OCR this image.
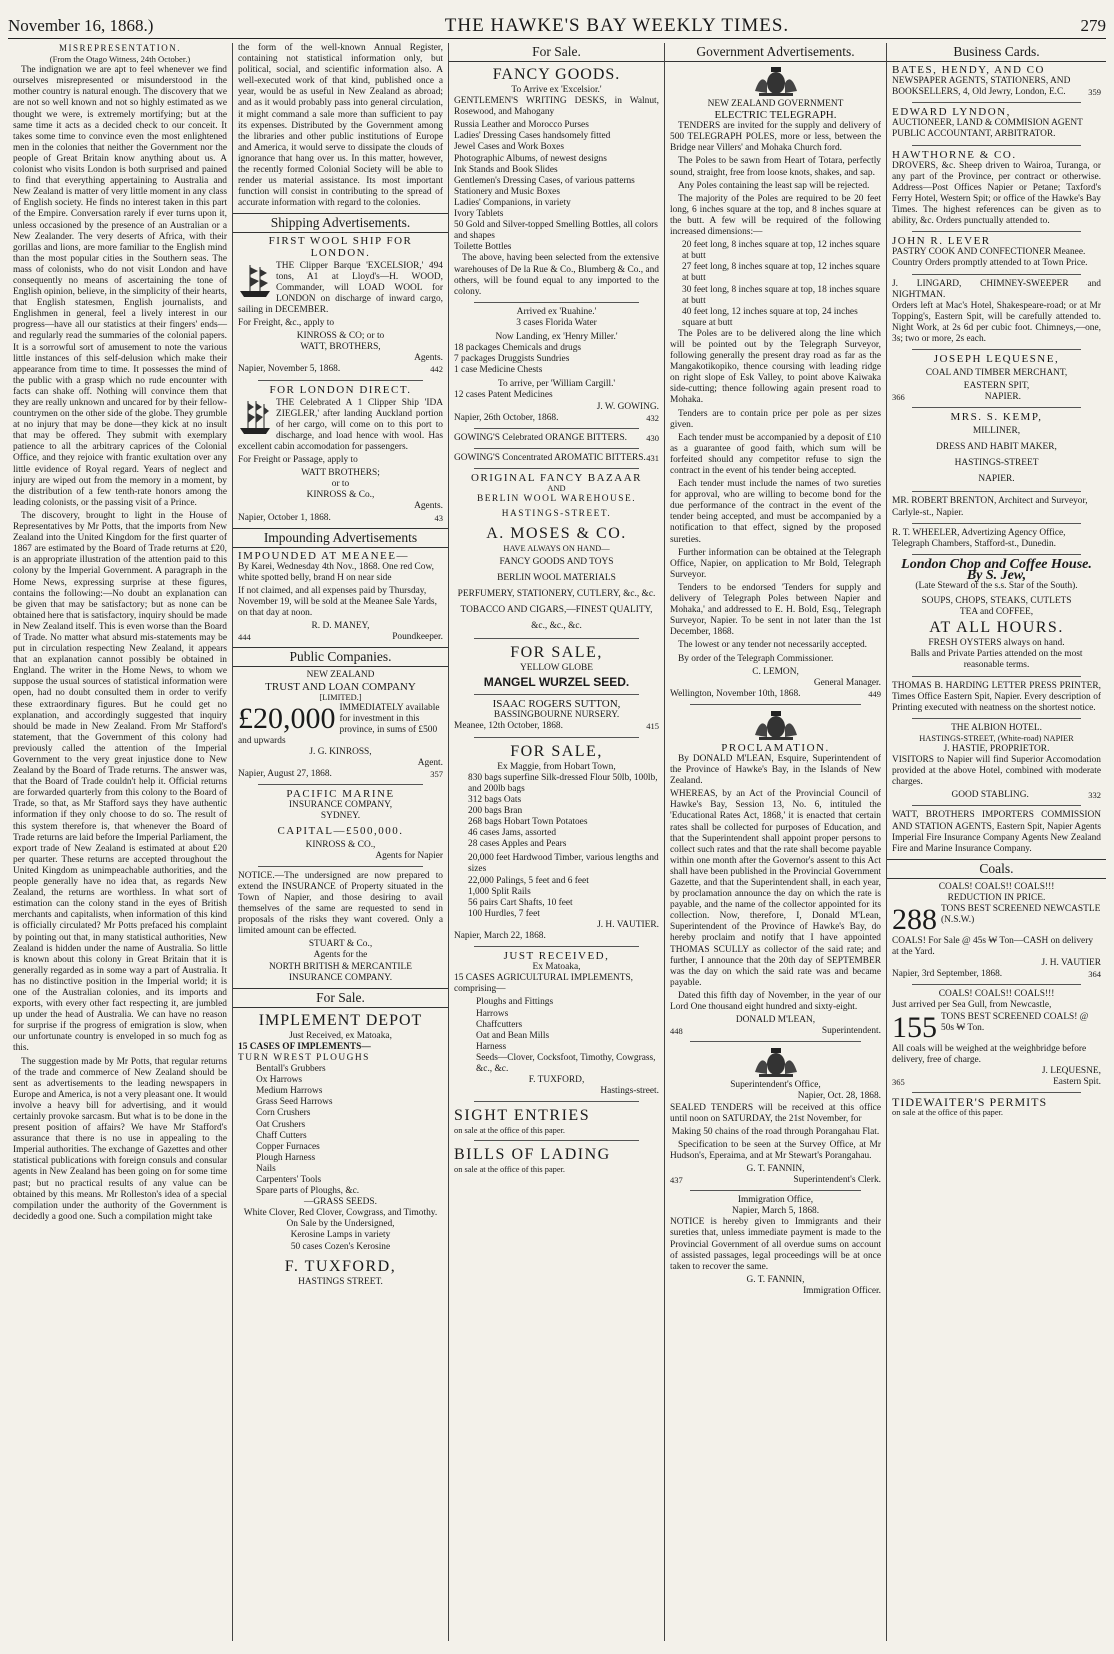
November 16, 1868.)	THE HAWKE'S BAY WEEKLY TIMES.	279
MISREPRESENTATION.
(From the Otago Witness, 24th October.)

The indignation we are apt to feel whenever we find ourselves misrepresented or misunderstood in the mother country is natural enough. The discovery that we are not so well known and not so highly estimated as we thought we were, is extremely mortifying; but at the same time it acts as a decided check to our conceit. It takes some time to convince even the most enlightened men in the colonies that neither the Government nor the people of Great Britain know anything about us. A colonist who visits London is both surprised and pained to find that everything appertaining to Australia and New Zealand is matter of very little moment in any class of English society. He finds no interest taken in this part of the Empire. Conversation rarely if ever turns upon it, unless occasioned by the presence of an Australian or a New Zealander. The very deserts of Africa, with their gorillas and lions, are more familiar to the English mind than the most popular cities in the Southern seas. The mass of colonists, who do not visit London and have consequently no means of ascertaining the tone of English opinion, believe, in the simplicity of their hearts, that English statesmen, English journalists, and Englishmen in general, feel a lively interest in our progress—have all our statistics at their fingers' ends—and regularly read the summaries of the colonial papers. It is a sorrowful sort of amusement to note the various little instances of this self-delusion which make their appearance from time to time. It possesses the mind of the public with a grasp which no rude encounter with facts can shake off. Nothing will convince them that they are really unknown and uncared for by their fellow-countrymen on the other side of the globe. They grumble at no injury that may be done—they kick at no insult that may be offered. They submit with exemplary patience to all the arbitrary caprices of the Colonial Office, and they rejoice with frantic exultation over any little evidence of Royal regard. Years of neglect and injury are wiped out from the memory in a moment, by the distribution of a few tenth-rate honors among the leading colonists, or the passing visit of a Prince.

The discovery, brought to light in the House of Representatives by Mr Potts, that the imports from New Zealand into the United Kingdom for the first quarter of 1867 are estimated by the Board of Trade returns at £20, is an appropriate illustration of the attention paid to this colony by the Imperial Government. A paragraph in the Home News, expressing surprise at these figures, contains the following:—No doubt an explanation can be given that may be satisfactory; but as none can be obtained here that is satisfactory, inquiry should be made in New Zealand itself. This is even worse than the Board of Trade. No matter what absurd mis-statements may be put in circulation respecting New Zealand, it appears that an explanation cannot possibly be obtained in England. The writer in the Home News, to whom we suppose the usual sources of statistical information were open, had no doubt consulted them in order to verify these extraordinary figures. But he could get no explanation, and accordingly suggested that inquiry should be made in New Zealand. From Mr Stafford's statement, that the Government of this colony had previously called the attention of the Imperial Government to the very great injustice done to New Zealand by the Board of Trade returns. The answer was, that the Board of Trade couldn't help it. Official returns are forwarded quarterly from this colony to the Board of Trade, so that, as Mr Stafford says they have authentic information if they only choose to do so. The result of this system therefore is, that whenever the Board of Trade returns are laid before the Imperial Parliament, the export trade of New Zealand is estimated at about £20 per quarter. These returns are accepted throughout the United Kingdom as unimpeachable authorities, and the people generally have no idea that, as regards New Zealand, the returns are worthless. In what sort of estimation can the colony stand in the eyes of British merchants and capitalists, when information of this kind is officially circulated? Mr Potts prefaced his complaint by pointing out that, in many statistical authorities, New Zealand is hidden under the name of Australia. So little is known about this colony in Great Britain that it is generally regarded as in some way a part of Australia. It has no distinctive position in the Imperial world; it is one of the Australian colonies, and its imports and exports, with every other fact respecting it, are jumbled up under the head of Australia. We can have no reason for surprise if the progress of emigration is slow, when our unfortunate country is enveloped in so much fog as this.

The suggestion made by Mr Potts, that regular returns of the trade and commerce of New Zealand should be sent as advertisements to the leading newspapers in Europe and America, is not a very pleasant one. It would involve a heavy bill for advertising, and it would certainly provoke sarcasm. But what is to be done in the present position of affairs? We have Mr Stafford's assurance that there is no use in appealing to the Imperial authorities. The exchange of Gazettes and other statistical publications with foreign consuls and consular agents in New Zealand has been going on for some time past; but no practical results of any value can be obtained by this means. Mr Rolleston's idea of a special compilation under the authority of the Government is decidedly a good one. Such a compilation might take

the form of the well-known Annual Register, containing not statistical information only, but political, social, and scientific information also. A well-executed work of that kind, published once a year, would be as useful in New Zealand as abroad; and as it would probably pass into general circulation, it might command a sale more than sufficient to pay its expenses. Distributed by the Government among the libraries and other public institutions of Europe and America, it would serve to dissipate the clouds of ignorance that hang over us. In this matter, however, the recently formed Colonial Society will be able to render us material assistance. Its most important function will consist in contributing to the spread of accurate information with regard to the colonies.

Shipping Advertisements.
FIRST WOOL SHIP FOR LONDON.

THE Clipper Barque 'EXCELSIOR,' 494 tons, A1 at Lloyd's—H. WOOD, Commander, will LOAD WOOL for LONDON on discharge of inward cargo, sailing in DECEMBER.

For Freight, &c., apply to

KINROSS & CO; or to
WATT, BROTHERS,
Agents.
Napier, November 5, 1868.	442
FOR LONDON DIRECT.

THE Celebrated A 1 Clipper Ship 'IDA ZIEGLER,' after landing Auckland portion of her cargo, will come on to this port to discharge, and load hence with wool. Has excellent cabin accomodation for passengers.

For Freight or Passage, apply to

WATT BROTHERS;
or to
KINROSS & Co.,
Agents.
Napier, October 1, 1868.	43
Impounding Advertisements
IMPOUNDED AT MEANEE—

By Karei, Wednesday 4th Nov., 1868. One red Cow, white spotted belly, brand H on near side

If not claimed, and all expenses paid by Thursday, November 19, will be sold at the Meanee Sale Yards, on that day at noon.

R. D. MANEY,
444	Poundkeeper.
Public Companies.
NEW ZEALAND
TRUST AND LOAN COMPANY
[LIMITED.]
£20,000 IMMEDIATELY available for investment in this province, in sums of £500 and upwards
J. G. KINROSS,
Agent.
Napier, August 27, 1868.	357
PACIFIC MARINE
INSURANCE COMPANY,
SYDNEY.
CAPITAL—£500,000.
KINROSS & CO.,
Agents for Napier

NOTICE.—The undersigned are now prepared to extend the INSURANCE of Property situated in the Town of Napier, and those desiring to avail themselves of the same are requested to send in proposals of the risks they want covered. Only a limited amount can be effected.

STUART & Co.,
Agents for the
NORTH BRITISH & MERCANTILE
INSURANCE COMPANY.
For Sale.
IMPLEMENT DEPOT
Just Received, ex Matoaka,
15 CASES OF IMPLEMENTS—
TURN WREST PLOUGHS
Bentall's Grubbers
Ox Harrows
Medium Harrows
Grass Seed Harrows
Corn Crushers
Oat Crushers
Chaff Cutters
Copper Furnaces
Plough Harness
Nails
Carpenters' Tools
Spare parts of Ploughs, &c.
—GRASS SEEDS.
White Clover, Red Clover, Cowgrass, and Timothy.
On Sale by the Undersigned,
Kerosine Lamps in variety
50 cases Cozen's Kerosine
F. TUXFORD,
HASTINGS STREET.
For Sale.
FANCY GOODS.
To Arrive ex 'Excelsior.'

GENTLEMEN'S WRITING DESKS, in Walnut, Rosewood, and Mahogany

Russia Leather and Morocco Purses
Ladies' Dressing Cases handsomely fitted
Jewel Cases and Work Boxes
Photographic Albums, of newest designs
Ink Stands and Book Slides
Gentlemen's Dressing Cases, of various patterns
Stationery and Music Boxes
Ladies' Companions, in variety
Ivory Tablets
50 Gold and Silver-topped Smelling Bottles, all colors and shapes
Toilette Bottles

The above, having been selected from the extensive warehouses of De la Rue & Co., Blumberg & Co., and others, will be found equal to any imported to the colony.

Arrived ex 'Ruahine.'
3 cases Florida Water
Now Landing, ex 'Henry Miller.'
18 packages Chemicals and drugs
7 packages Druggists Sundries
1 case Medicine Chests
To arrive, per 'William Cargill.'
12 cases Patent Medicines
J. W. GOWING.
Napier, 26th October, 1868.	432
GOWING'S Celebrated ORANGE BITTERS. 430
GOWING'S Concentrated AROMATIC BITTERS. 431
ORIGINAL FANCY BAZAAR
AND
BERLIN WOOL WAREHOUSE.
HASTINGS-STREET.
A. MOSES & CO.
HAVE ALWAYS ON HAND—
FANCY GOODS AND TOYS
BERLIN WOOL MATERIALS
PERFUMERY, STATIONERY, CUTLERY, &c., &c.
TOBACCO AND CIGARS,—FINEST QUALITY,
&c., &c., &c.
FOR SALE,
YELLOW GLOBE
MANGEL WURZEL SEED.
ISAAC ROGERS SUTTON,
BASSINGBOURNE NURSERY.
Meanee, 12th October, 1868.	415
FOR SALE,
Ex Maggie, from Hobart Town,
830 bags superfine Silk-dressed Flour 50lb, 100lb, and 200lb bags
312 bags Oats
200 bags Bran
268 bags Hobart Town Potatoes
46 cases Jams, assorted
28 cases Apples and Pears
20,000 feet Hardwood Timber, various lengths and sizes
22,000 Palings, 5 feet and 6 feet
1,000 Split Rails
56 pairs Cart Shafts, 10 feet
100 Hurdles, 7 feet
J. H. VAUTIER.
Napier, March 22, 1868.
JUST RECEIVED,
Ex Matoaka,

15 CASES AGRICULTURAL IMPLEMENTS, comprising—

Ploughs and Fittings
Harrows
Chaffcutters
Oat and Bean Mills
Harness
Seeds—Clover, Cocksfoot, Timothy, Cowgrass, &c., &c.
F. TUXFORD,
Hastings-street.
SIGHT ENTRIES
on sale at the office of this paper.
BILLS OF LADING
on sale at the office of this paper.
Government Advertisements.
NEW ZEALAND GOVERNMENT
ELECTRIC TELEGRAPH.

TENDERS are invited for the supply and delivery of 500 TELEGRAPH POLES, more or less, between the Bridge near Villers' and Mohaka Church ford.

The Poles to be sawn from Heart of Totara, perfectly sound, straight, free from loose knots, shakes, and sap.

Any Poles containing the least sap will be rejected.

The majority of the Poles are required to be 20 feet long, 6 inches square at the top, and 8 inches square at the butt. A few will be required of the following increased dimensions:—

20 feet long, 8 inches square at top, 12 inches square at butt
27 feet long, 8 inches square at top, 12 inches square at butt
30 feet long, 8 inches square at top, 18 inches square at butt
40 feet long, 12 inches square at top, 24 inches square at butt

The Poles are to be delivered along the line which will be pointed out by the Telegraph Surveyor, following generally the present dray road as far as the Mangakotikopiko, thence coursing with leading ridge on right slope of Esk Valley, to point above Kaiwaka side-cutting; thence following again present road to Mohaka.

Tenders are to contain price per pole as per sizes given.

Each tender must be accompanied by a deposit of £10 as a guarantee of good faith, which sum will be forfeited should any competitor refuse to sign the contract in the event of his tender being accepted.

Each tender must include the names of two sureties for approval, who are willing to become bond for the due performance of the contract in the event of the tender being accepted, and must be accompanied by a notification to that effect, signed by the proposed sureties.

Further information can be obtained at the Telegraph Office, Napier, on application to Mr Bold, Telegraph Surveyor.

Tenders to be endorsed 'Tenders for supply and delivery of Telegraph Poles between Napier and Mohaka,' and addressed to E. H. Bold, Esq., Telegraph Surveyor, Napier. To be sent in not later than the 1st December, 1868.

The lowest or any tender not necessarily accepted.

By order of the Telegraph Commissioner.

C. LEMON,
General Manager.
Wellington, November 10th, 1868.	449
PROCLAMATION.

By DONALD M'LEAN, Esquire, Superintendent of the Province of Hawke's Bay, in the Islands of New Zealand.

WHEREAS, by an Act of the Provincial Council of Hawke's Bay, Session 13, No. 6, intituled the 'Educational Rates Act, 1868,' it is enacted that certain rates shall be collected for purposes of Education, and that the Superintendent shall appoint proper persons to collect such rates and that the rate shall become payable within one month after the Governor's assent to this Act shall have been published in the Provincial Government Gazette, and that the Superintendent shall, in each year, by proclamation announce the day on which the rate is payable, and the name of the collector appointed for its collection. Now, therefore, I, Donald M'Lean, Superintendent of the Province of Hawke's Bay, do hereby proclaim and notify that I have appointed THOMAS SCULLY as collector of the said rate; and further, I announce that the 20th day of SEPTEMBER was the day on which the said rate was and became payable.

Dated this fifth day of November, in the year of our Lord One thousand eight hundred and sixty-eight.

DONALD M'LEAN,
448	Superintendent.
Superintendent's Office,
Napier, Oct. 28, 1868.

SEALED TENDERS will be received at this office until noon on SATURDAY, the 21st November, for

Making 50 chains of the road through Porangahau Flat.

Specification to be seen at the Survey Office, at Mr Hudson's, Eperaima, and at Mr Stewart's Porangahau.

G. T. FANNIN,
437	Superintendent's Clerk.
Immigration Office,
Napier, March 5, 1868.

NOTICE is hereby given to Immigrants and their sureties that, unless immediate payment is made to the Provincial Government of all overdue sums on account of assisted passages, legal proceedings will be at once taken to recover the same.

G. T. FANNIN,
Immigration Officer.
Business Cards.
BATES, HENDY, AND CO
NEWSPAPER AGENTS, STATIONERS, AND BOOKSELLERS, 4, Old Jewry, London, E.C.	359
EDWARD LYNDON,
AUCTIONEER, LAND & COMMISION AGENT PUBLIC ACCOUNTANT, ARBITRATOR.
HAWTHORNE & CO.
DROVERS, &c. Sheep driven to Wairoa, Turanga, or any part of the Province, per contract or otherwise. Address—Post Offices Napier or Petane; Taxford's Ferry Hotel, Western Spit; or office of the Hawke's Bay Times. The highest references can be given as to ability, &c. Orders punctually attended to.
JOHN R. LEVER
PASTRY COOK AND CONFECTIONER Meanee. Country Orders promptly attended to at Town Price.
J. LINGARD, CHIMNEY-SWEEPER and NIGHTMAN.
Orders left at Mac's Hotel, Shakespeare-road; or at Mr Topping's, Eastern Spit, will be carefully attended to. Night Work, at 2s 6d per cubic foot. Chimneys,—one, 3s; two or more, 2s each.
JOSEPH LEQUESNE,
COAL AND TIMBER MERCHANT,
EASTERN SPIT,
366	NAPIER.
MRS. S. KEMP,
MILLINER,
DRESS AND HABIT MAKER,
HASTINGS-STREET
NAPIER.
MR. ROBERT BRENTON, Architect and Surveyor, Carlyle-st., Napier.
R. T. WHEELER, Advertizing Agency Office, Telegraph Chambers, Stafford-st., Dunedin.
London Chop and Coffee House.
By S. Jew,
(Late Steward of the s.s. Star of the South).
SOUPS, CHOPS, STEAKS, CUTLETS
TEA and COFFEE,
AT ALL HOURS.
FRESH OYSTERS always on hand.
Balls and Private Parties attended on the most reasonable terms.
THOMAS B. HARDING LETTER PRESS PRINTER, Times Office Eastern Spit, Napier. Every description of Printing executed with neatness on the shortest notice.
THE ALBION HOTEL.
HASTINGS-STREET, (White-road) NAPIER
J. HASTIE, PROPRIETOR.

VISITORS to Napier will find Superior Accomodation provided at the above Hotel, combined with moderate charges.

GOOD STABLING.	332
WATT, BROTHERS IMPORTERS COMMISSION AND STATION AGENTS, Eastern Spit, Napier Agents Imperial Fire Insurance Company Agents New Zealand Fire and Marine Insurance Company.
Coals.
COALS! COALS!! COALS!!!
REDUCTION IN PRICE.
288 TONS BEST SCREENED NEWCASTLE (N.S.W.)
COALS! For Sale @ 45s ₩ Ton—CASH on delivery at the Yard.
J. H. VAUTIER
Napier, 3rd September, 1868.	364
COALS! COALS!! COALS!!!
Just arrived per Sea Gull, from Newcastle,
155 TONS BEST SCREENED COALS! @ 50s ₩ Ton.
All coals will be weighed at the weighbridge before delivery, free of charge.
J. LEQUESNE,
365	Eastern Spit.
TIDEWAITER'S PERMITS
on sale at the office of this paper.
